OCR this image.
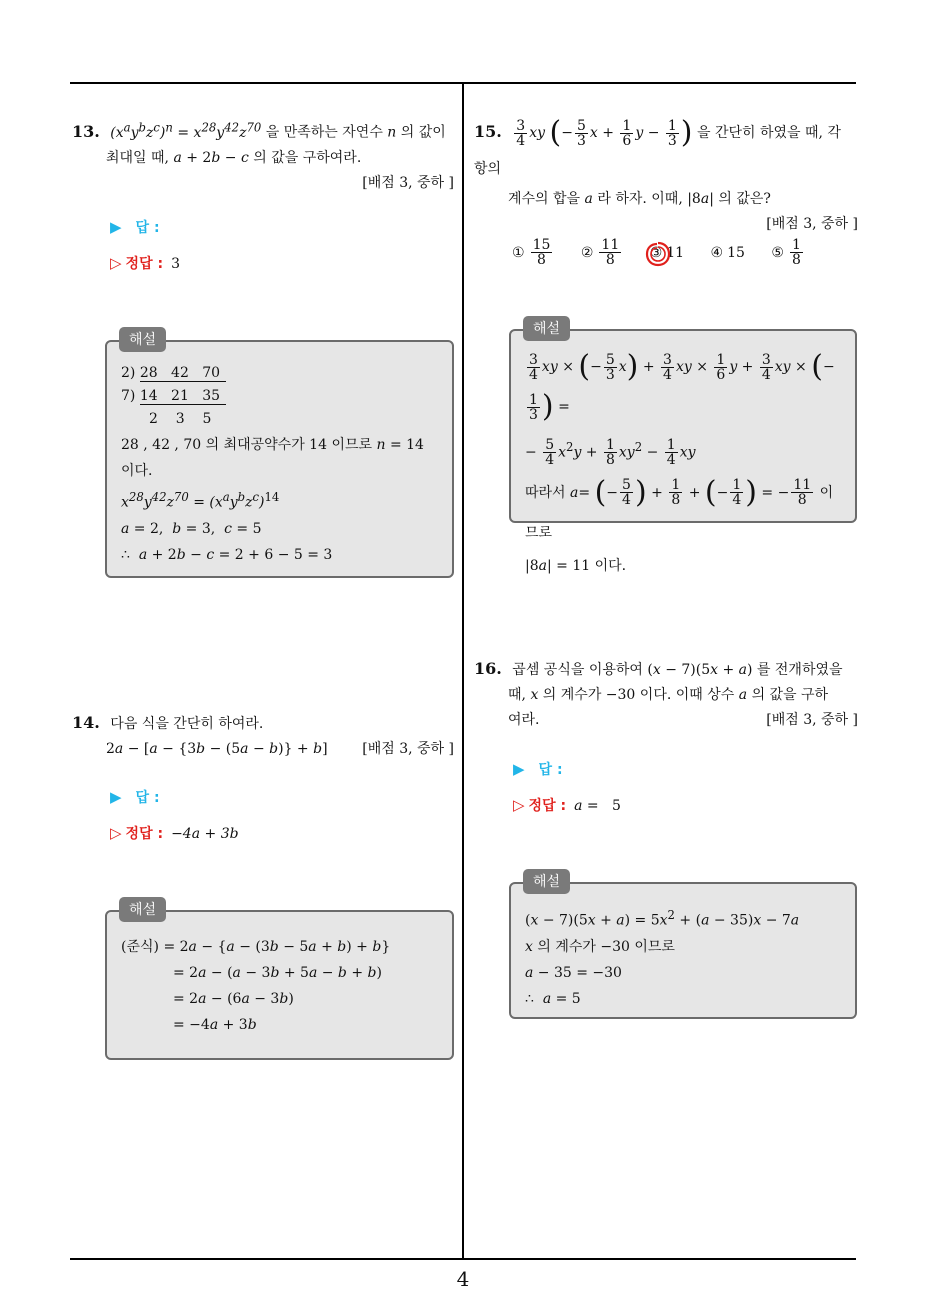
13. $(x^ay^bz^c)^n = x^{28}y^{42}z^{70}$ 을 만족하는 자연수 n 의 값이
최대일 때, a + 2b − c 의 값을 구하여라.
[배점 3, 중하 ]
▶ 답 :
▷ 정답 : 3
2) 28 42 70
7) 14 21 35
2 3 5
28 , 42 , 70 의 최대공약수가 14 이므로 n = 14
이다.
$x^{28}y^{42}z^{70} = (x^ay^bz^c)^{14}$
a = 2,  b = 3,  c = 5
∴  a + 2b − c = 2 + 6 − 5 = 3
해설
14. 다음 식을 간단히 하여라.
2a − [a − {3b − (5a − b)} + b] [배점 3, 중하 ]
▶ 답 :
▷ 정답 : −4a + 3b
(준식) = 2a − {a − (3b − 5a + b) + b}
= 2a − (a − 3b + 5a − b + b)
= 2a − (6a − 3b)
= −4a + 3b
해설
15. $\frac{3}{4}$ xy (− $\frac{5}{3}$ $x + \frac{1}{6}$ $y - \frac{1}{3}$ ) 을 간단히 하였을 때, 각 항의
계수의 합을 a 라 하자. 이때, |8a| 의 값은?
[배점 3, 중하 ]
① $\frac{15}{8}$ ② $\frac{11}{8}$ ③ 11 ④ 15 ⑤ $\frac{1}{8}$
$\frac{3}{4}$ xy × (− $\frac{5}{3} x) + \frac{3}{4}$ xy × $\frac{1}{6}$ $y + \frac{3}{4}$ xy × (−
$\frac{1}{3}$ ) =
− $\frac{5}{4} x^2y + \frac{1}{8} xy^2 - \frac{1}{4}$ xy
따라서 a= (− $\frac{5}{4}$ ) + $\frac{1}{8}$ + (− $\frac{1}{4}$ ) = − $\frac{11}{8}$ 이므로
|8a| = 11 이다.
해설
16. 곱셈 공식을 이용하여 (x − 7)(5x + a) 를 전개하였을
때, x 의 계수가 −30 이다. 이때 상수 a 의 값을 구하
여라.	[배점 3, 중하 ]
▶ 답 :
▷ 정답 : a =   5
$(x - 7)(5x + a) = 5x^2 + (a - 35)x - 7a$
x 의 계수가 −30 이므로
a − 35 = −30
∴  a = 5
해설
4
